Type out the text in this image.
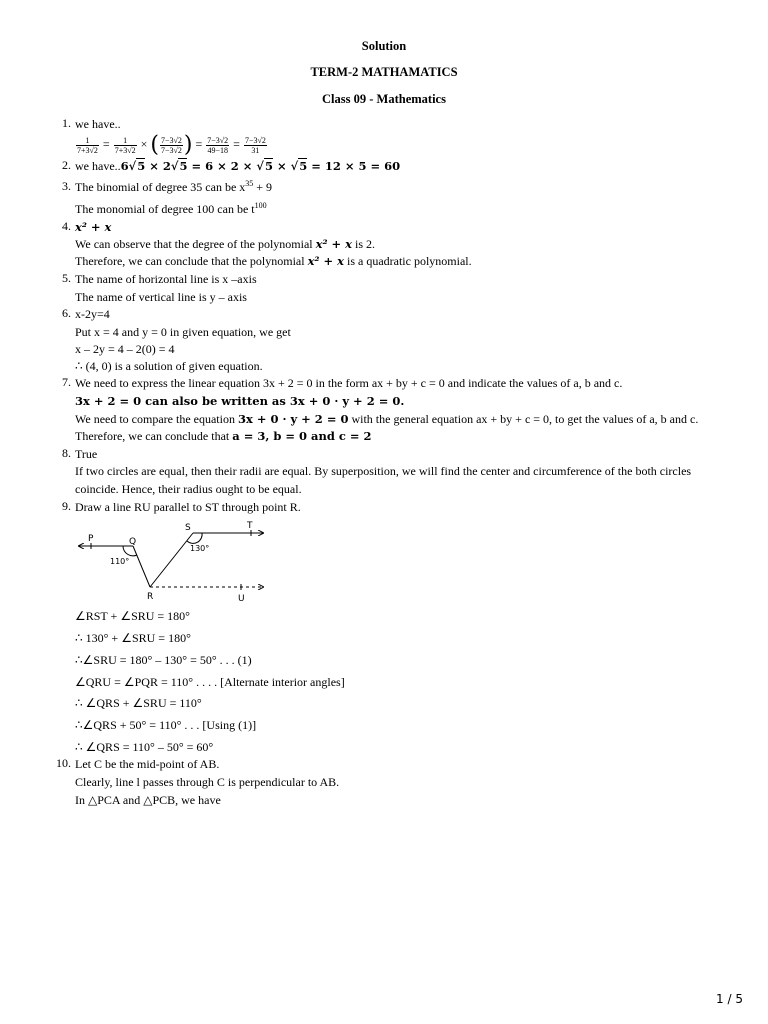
Solution
TERM-2 MATHAMATICS
Class 09 - Mathematics
1. we have..
$\frac{1}{7+3√2} = \frac{1}{7+3√2}$ × ( $\frac{7-3√2}{7-3√2}$ ) = $\frac{7-3√2}{49-18} = \frac{7-3√2}{31}$
2. we have..6√5 × 2√5 = 6 × 2 × √5 × √5 = 12 × 5 = 60
3. The binomial of degree 35 can be $x^{35} + 9$
The monomial of degree 100 can be $t^{100}$
4. x² + x
We can observe that the degree of the polynomial x² + x is 2.
Therefore, we can conclude that the polynomial x² + x is a quadratic polynomial.
5. The name of horizontal line is x –axis
The name of vertical line is y – axis
6. x-2y=4
Put x = 4 and y = 0 in given equation, we get
x – 2y = 4 – 2(0) = 4
∴ (4, 0) is a solution of given equation.
7. We need to express the linear equation 3x + 2 = 0 in the form ax + by + c = 0 and indicate the values of a, b and c.
3x + 2 = 0 can also be written as 3x + 0 · y + 2 = 0.
We need to compare the equation 3x + 0 · y + 2 = 0 with the general equation ax + by + c = 0, to get the values of a, b and c.
Therefore, we can conclude that a = 3, b = 0 and c = 2
8. True
If two circles are equal, then their radii are equal. By superposition, we will find the center and circumference of the both circles
coincide. Hence, their radius ought to be equal.
9. Draw a line RU parallel to ST through point R.
P	Q
R
S	T
U
110°
130°
∠RST + ∠SRU = 180°
∴ 130° + ∠SRU = 180°
∴∠SRU = 180° – 130° = 50° . . . (1)
∠QRU = ∠PQR = 110° . . . . [Alternate interior angles]
∴ ∠QRS + ∠SRU = 110°
∴∠QRS + 50° = 110° . . . [Using (1)]
∴ ∠QRS = 110° – 50° = 60°
10. Let C be the mid-point of AB.
Clearly, line l passes through C is perpendicular to AB.
In △PCA and △PCB, we have
1 / 5
